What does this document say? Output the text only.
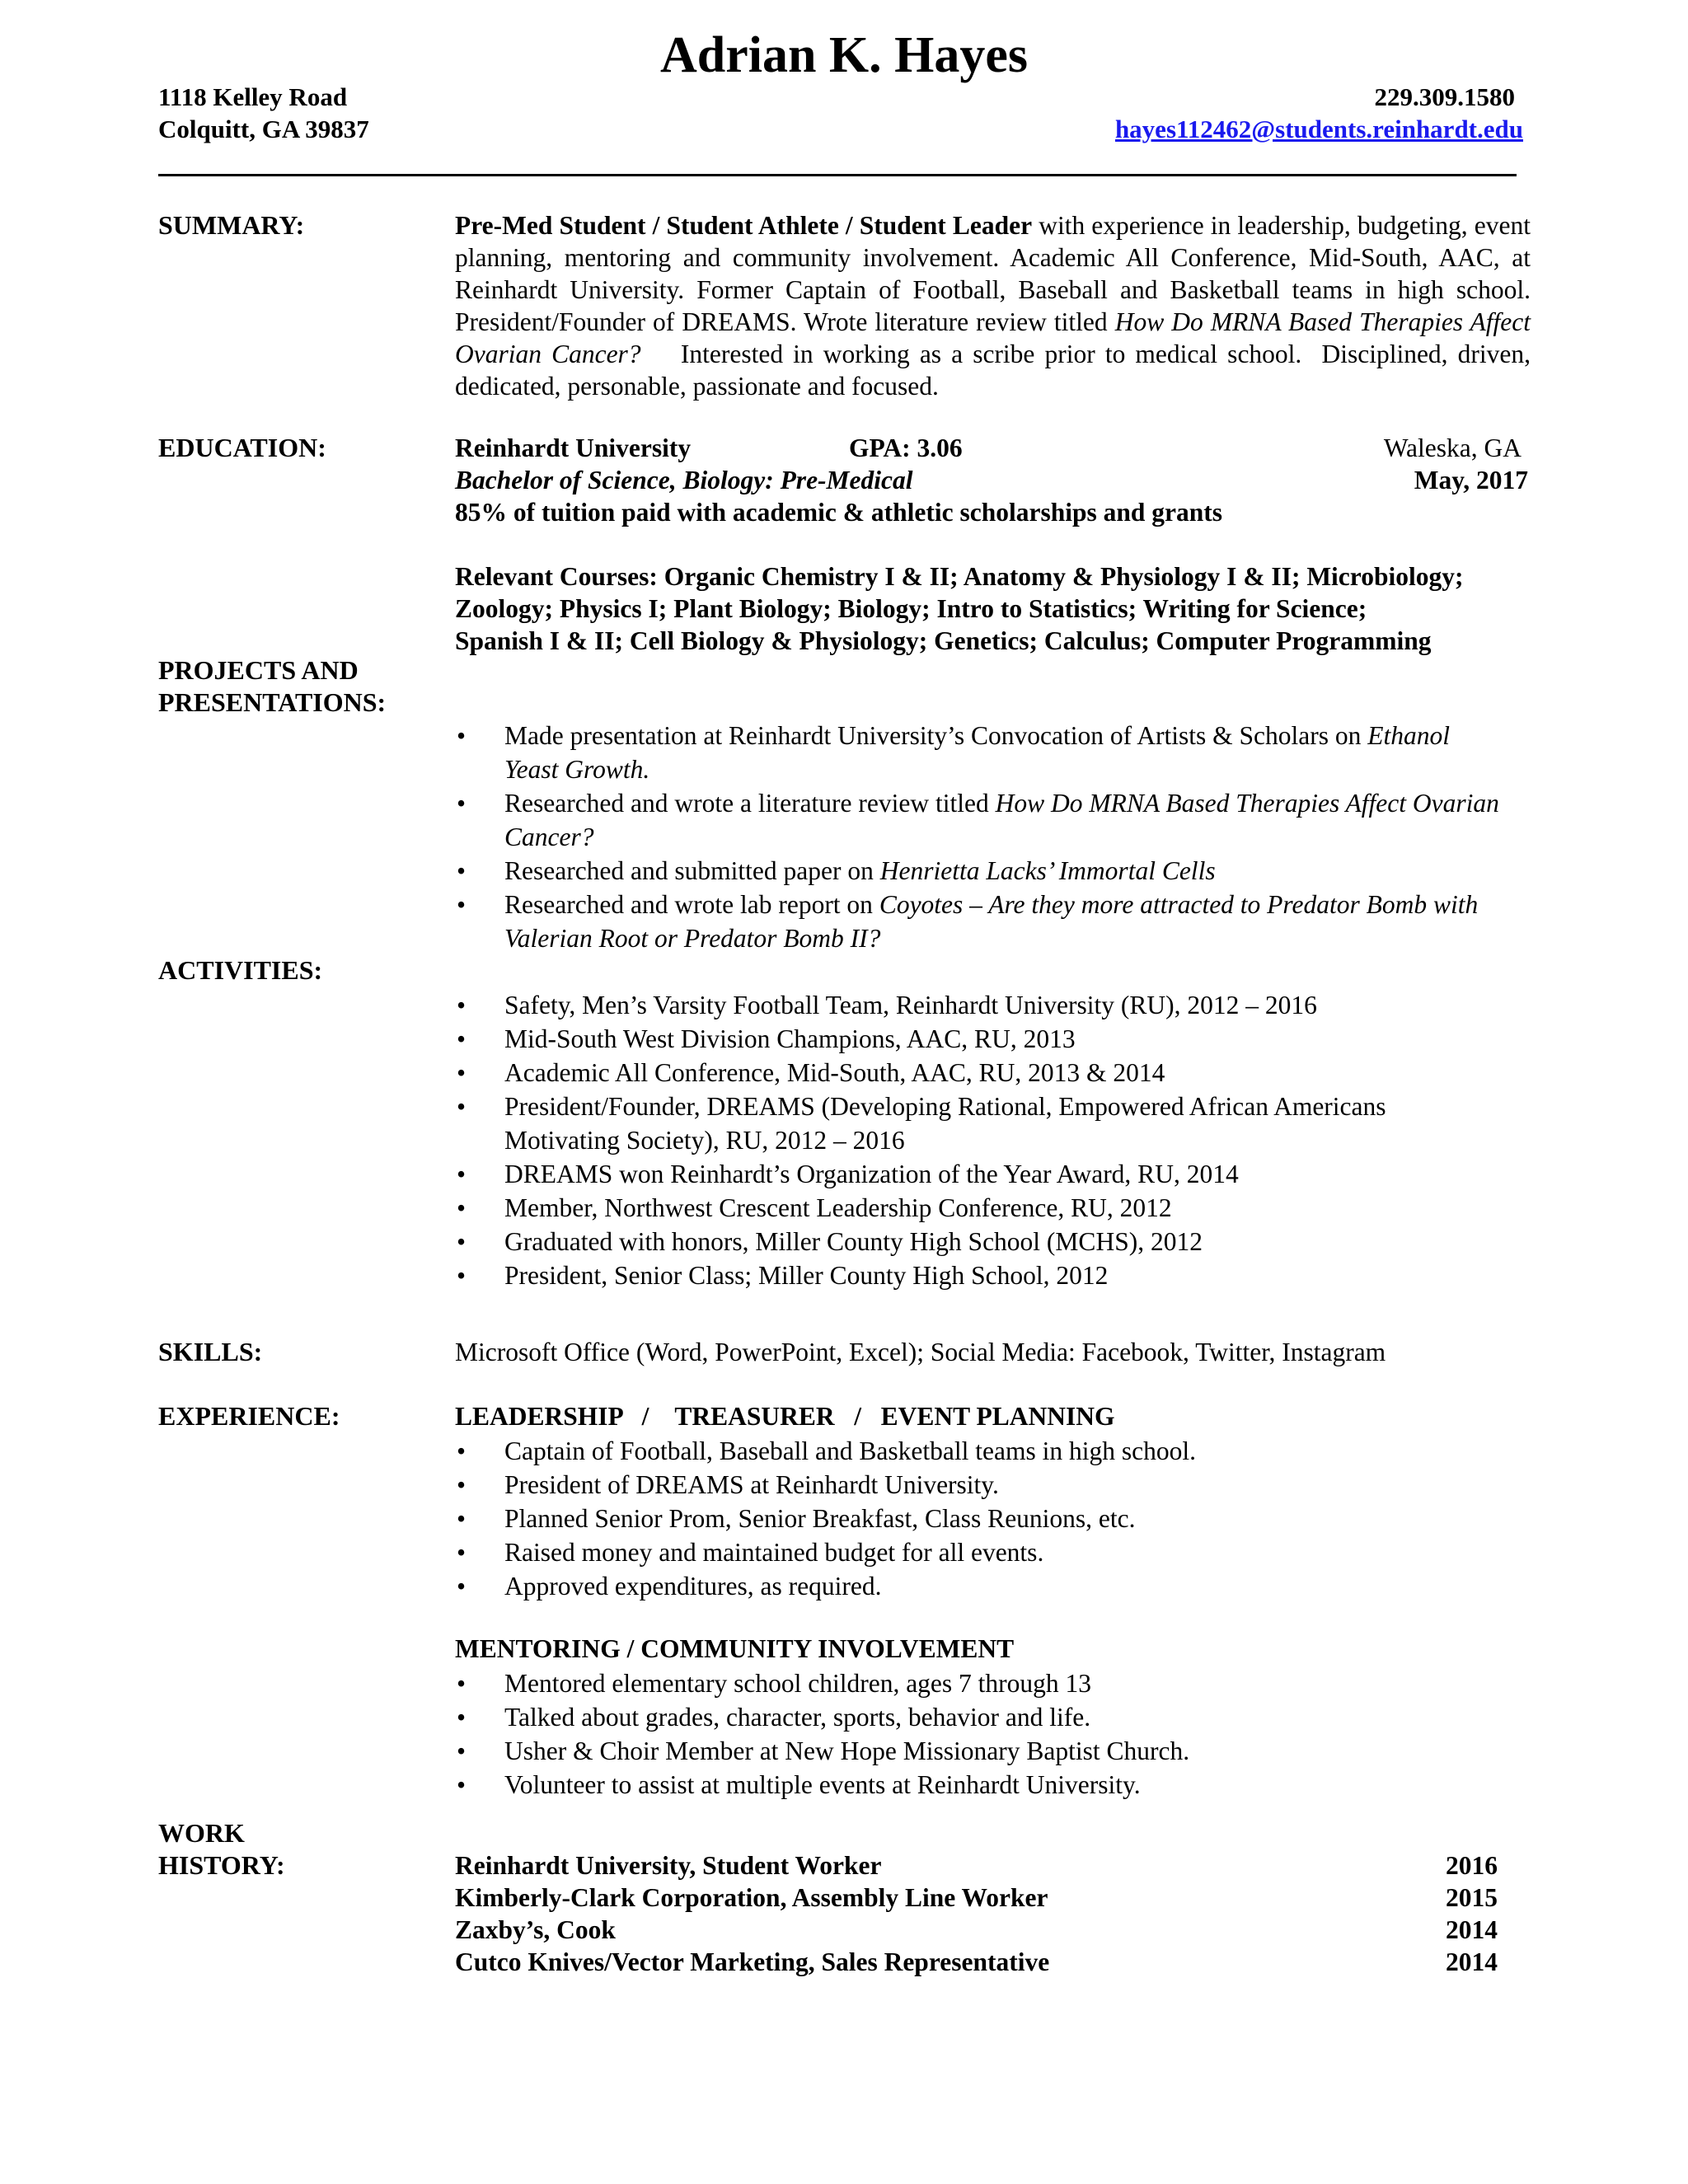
Adrian K. Hayes
1118 Kelley Road
Colquitt, GA 39837
229.309.1580
hayes112462@students.reinhardt.edu
SUMMARY:	Pre-Med Student / Student Athlete / Student Leader with experience in leadership, budgeting, event planning, mentoring and community involvement. Academic All Conference, Mid-South, AAC, at Reinhardt University. Former Captain of Football, Baseball and Basketball teams in high school. President/Founder of DREAMS. Wrote literature review titled How Do MRNA Based Therapies Affect Ovarian Cancer?    Interested in working as a scribe prior to medical school.  Disciplined, driven, dedicated, personable, passionate and focused.
EDUCATION:	Reinhardt University	GPA: 3.06	Waleska, GA
Bachelor of Science, Biology: Pre-Medical	May, 2017
85% of tuition paid with academic & athletic scholarships and grants
Relevant Courses: Organic Chemistry I & II; Anatomy & Physiology I & II; Microbiology;
Zoology; Physics I; Plant Biology; Biology; Intro to Statistics; Writing for Science;
Spanish I & II; Cell Biology & Physiology; Genetics; Calculus; Computer Programming
PROJECTS AND
PRESENTATIONS:
• Made presentation at Reinhardt University’s Convocation of Artists & Scholars on Ethanol Yeast Growth.
• Researched and wrote a literature review titled How Do MRNA Based Therapies Affect Ovarian Cancer?
• Researched and submitted paper on Henrietta Lacks’ Immortal Cells
• Researched and wrote lab report on Coyotes – Are they more attracted to Predator Bomb with Valerian Root or Predator Bomb II?
ACTIVITIES:
• Safety, Men’s Varsity Football Team, Reinhardt University (RU), 2012 – 2016
• Mid-South West Division Champions, AAC, RU, 2013
• Academic All Conference, Mid-South, AAC, RU, 2013 & 2014
• President/Founder, DREAMS (Developing Rational, Empowered African Americans Motivating Society), RU, 2012 – 2016
• DREAMS won Reinhardt’s Organization of the Year Award, RU, 2014
• Member, Northwest Crescent Leadership Conference, RU, 2012
• Graduated with honors, Miller County High School (MCHS), 2012
• President, Senior Class; Miller County High School, 2012
SKILLS:	Microsoft Office (Word, PowerPoint, Excel); Social Media: Facebook, Twitter, Instagram
EXPERIENCE:	LEADERSHIP   /    TREASURER   /   EVENT PLANNING
• Captain of Football, Baseball and Basketball teams in high school.
• President of DREAMS at Reinhardt University.
• Planned Senior Prom, Senior Breakfast, Class Reunions, etc.
• Raised money and maintained budget for all events.
• Approved expenditures, as required.
MENTORING / COMMUNITY INVOLVEMENT
• Mentored elementary school children, ages 7 through 13
• Talked about grades, character, sports, behavior and life.
• Usher & Choir Member at New Hope Missionary Baptist Church.
• Volunteer to assist at multiple events at Reinhardt University.
WORK
HISTORY:	Reinhardt University, Student Worker	2016
Kimberly-Clark Corporation, Assembly Line Worker	2015
Zaxby’s, Cook	2014
Cutco Knives/Vector Marketing, Sales Representative	2014
